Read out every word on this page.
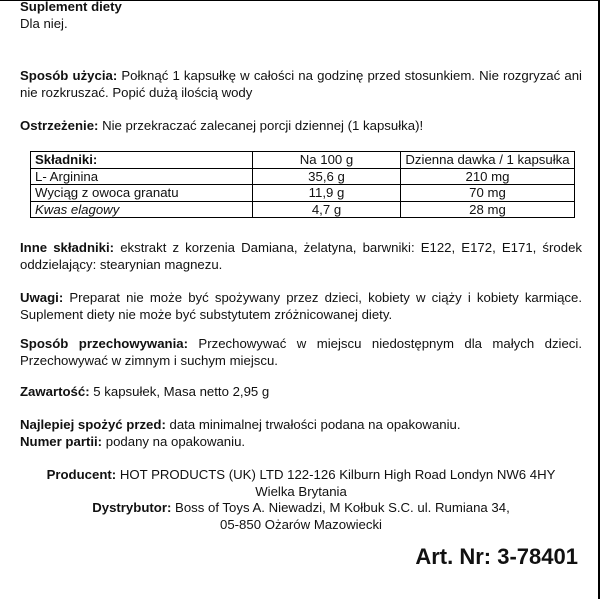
Suplement diety
Dla niej.
Sposób użycia: Połknąć 1 kapsułkę w całości na godzinę przed stosunkiem. Nie rozgryzać ani nie rozkruszać. Popić dużą ilością wody
Ostrzeżenie: Nie przekraczać zalecanej porcji dziennej (1 kapsułka)!
Składniki:	Na 100 g	Dzienna dawka / 1 kapsułka
L- Arginina	35,6 g	210 mg
Wyciąg z owoca granatu	11,9 g	70 mg
Kwas elagowy	4,7 g	28 mg
Inne składniki: ekstrakt z korzenia Damiana, żelatyna, barwniki: E122, E172, E171, środek oddzielający: stearynian magnezu.
Uwagi: Preparat nie może być spożywany przez dzieci, kobiety w ciąży i kobiety karmiące. Suplement diety nie może być substytutem zróżnicowanej diety.
Sposób przechowywania: Przechowywać w miejscu niedostępnym dla małych dzieci. Przechowywać w zimnym i suchym miejscu.
Zawartość: 5 kapsułek, Masa netto 2,95 g
Najlepiej spożyć przed: data minimalnej trwałości podana na opakowaniu.
Numer partii: podany na opakowaniu.
Producent: HOT PRODUCTS (UK) LTD 122-126 Kilburn High Road Londyn NW6 4HY
Wielka Brytania
Dystrybutor: Boss of Toys A. Niewadzi, M Kołbuk S.C. ul. Rumiana 34,
05-850 Ożarów Mazowiecki
Art. Nr: 3-78401
